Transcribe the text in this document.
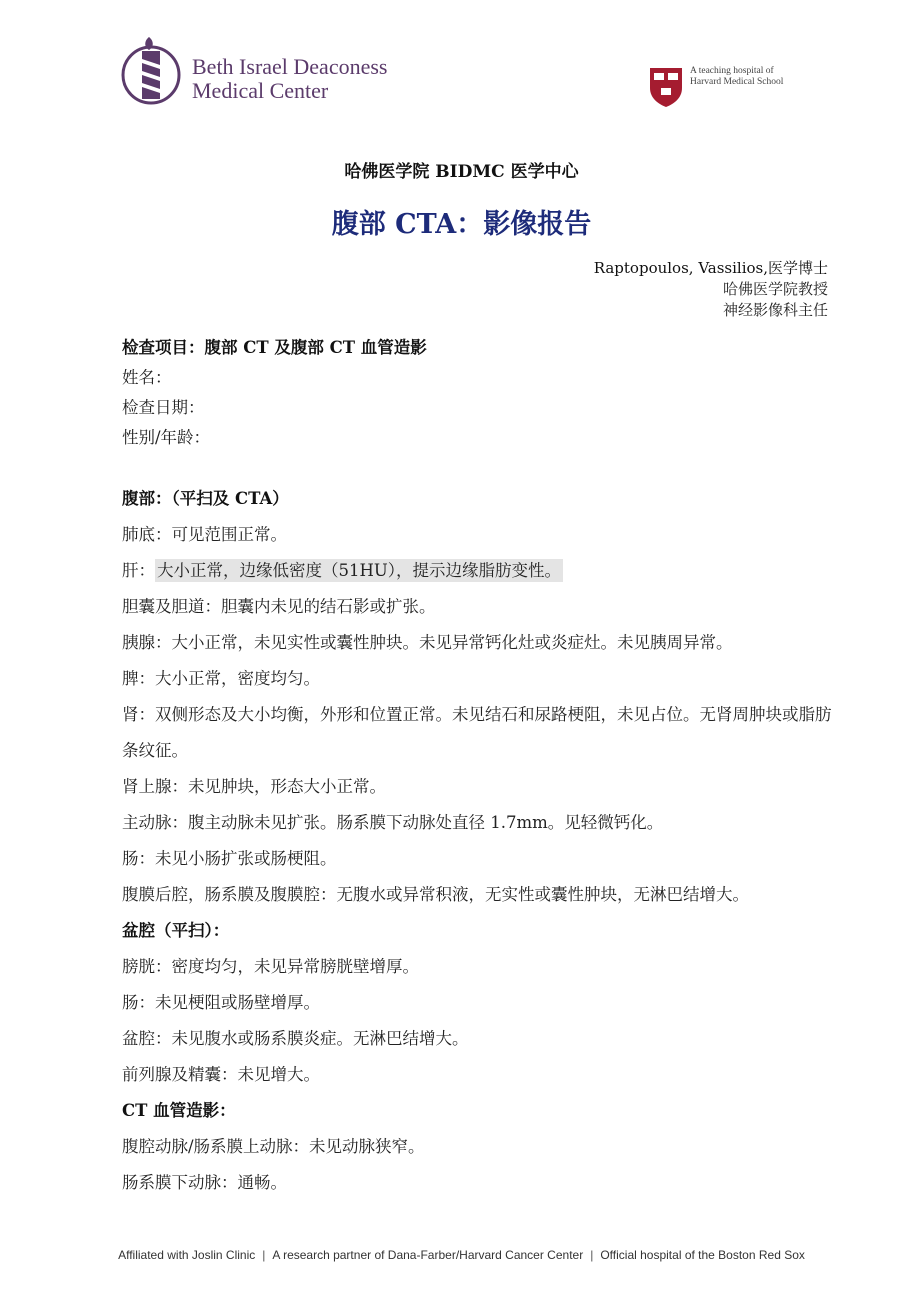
Beth Israel Deaconess
Medical Center
A teaching hospital of
Harvard Medical School
哈佛医学院 BIDMC 医学中心
腹部 CTA：影像报告
Raptopoulos, Vassilios,医学博士
哈佛医学院教授
神经影像科主任
检查项目：腹部 CT 及腹部 CT 血管造影
姓名：
检查日期：
性别/年龄：
腹部：（平扫及 CTA）
肺底：可见范围正常。
肝： 大小正常，边缘低密度（51HU），提示边缘脂肪变性。
胆囊及胆道：胆囊内未见的结石影或扩张。
胰腺：大小正常，未见实性或囊性肿块。未见异常钙化灶或炎症灶。未见胰周异常。
脾：大小正常，密度均匀。
肾：双侧形态及大小均衡，外形和位置正常。未见结石和尿路梗阻，未见占位。无肾周肿块或脂肪条纹征。
肾上腺：未见肿块，形态大小正常。
主动脉：腹主动脉未见扩张。肠系膜下动脉处直径 1.7mm。见轻微钙化。
肠：未见小肠扩张或肠梗阻。
腹膜后腔，肠系膜及腹膜腔：无腹水或异常积液，无实性或囊性肿块，无淋巴结增大。
盆腔（平扫）：
膀胱：密度均匀，未见异常膀胱壁增厚。
肠：未见梗阻或肠壁增厚。
盆腔：未见腹水或肠系膜炎症。无淋巴结增大。
前列腺及精囊：未见增大。
CT 血管造影：
腹腔动脉/肠系膜上动脉：未见动脉狭窄。
肠系膜下动脉：通畅。
Affiliated with Joslin Clinic | A research partner of Dana-Farber/Harvard Cancer Center | Official hospital of the Boston Red Sox
